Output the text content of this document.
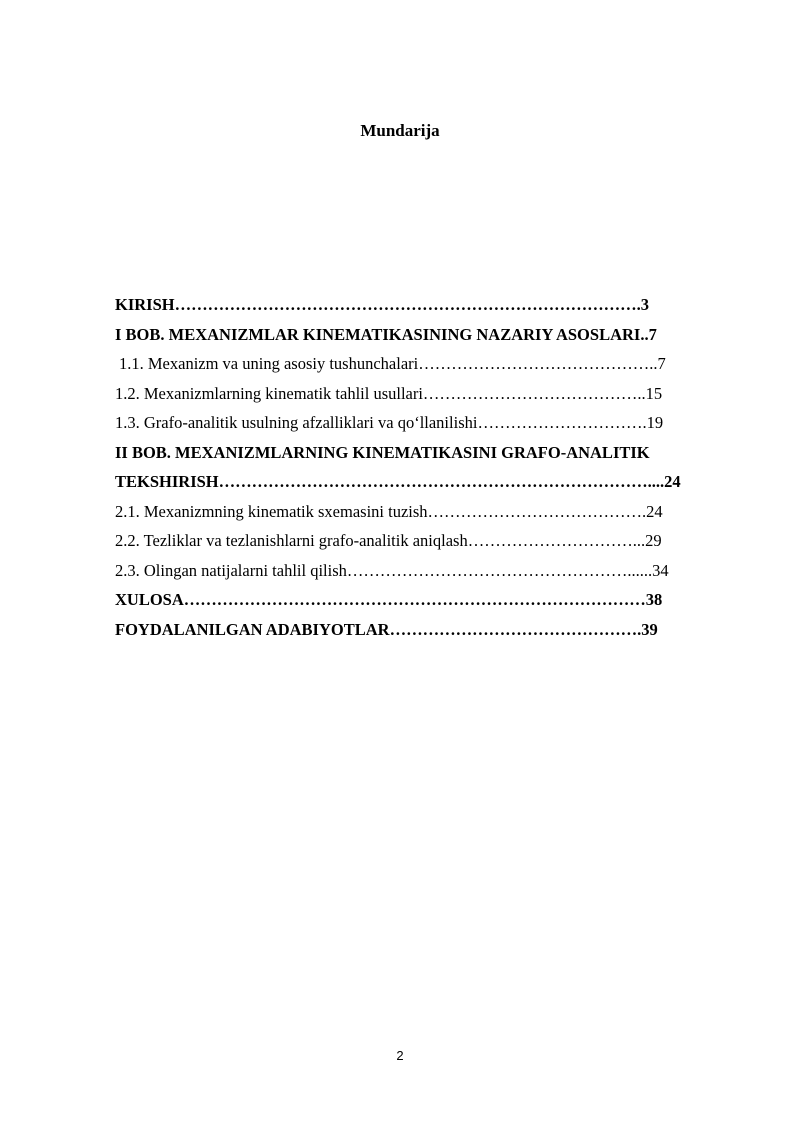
Mundarija
KIRISH………………………………………………………………………….3
I BOB. MEXANIZMLAR KINEMATIKASINING NAZARIY ASOSLARI..7
1.1. Mexanizm va uning asosiy tushunchalari……………………………………..7
1.2. Mexanizmlarning kinematik tahlil usullari…………………………………..15
1.3. Grafo-analitik usulning afzalliklari va qo‘llanilishi………………………….19
II BOB. MEXANIZMLARNING KINEMATIKASINI GRAFO-ANALITIK
TEKSHIRISH……………………………………………………………………....24
2.1. Mexanizmning kinematik sxemasini tuzish………………………………….24
2.2. Tezliklar va tezlanishlarni grafo-analitik aniqlash…………………………...29
2.3. Olingan natijalarni tahlil qilish……………………………………………......34
XULOSA…………………………………………………………………………38
FOYDALANILGAN ADABIYOTLAR……………………………………….39
2
